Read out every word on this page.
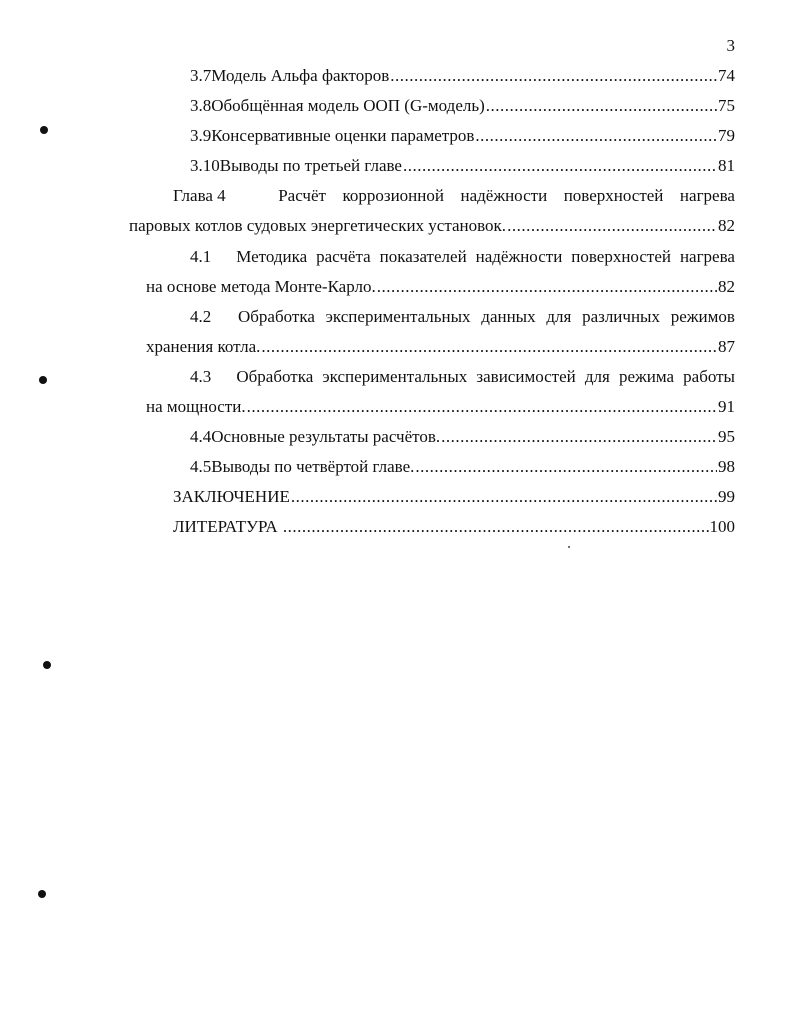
3
3.7 Модель Альфа факторов .....	74
3.8 Обобщённая модель ООП (G-модель) .....	75
3.9 Консервативные оценки параметров .....	79
3.10 Выводы по третьей главе .....	81
Глава 4	Расчёт коррозионной надёжности поверхностей нагрева
паровых котлов судовых энергетических установок. .....	82
4.1 Методика расчёта показателей надёжности поверхностей нагрева
на основе метода Монте-Карло. .....	82
4.2 Обработка экспериментальных данных для различных режимов
хранения котла. .....	87
4.3 Обработка экспериментальных зависимостей для режима работы
на мощности. .....	91
4.4 Основные результаты расчётов. .....	95
4.5 Выводы по четвёртой главе. .....	98
ЗАКЛЮЧЕНИЕ .....	99
ЛИТЕРАТУРА .....	100
